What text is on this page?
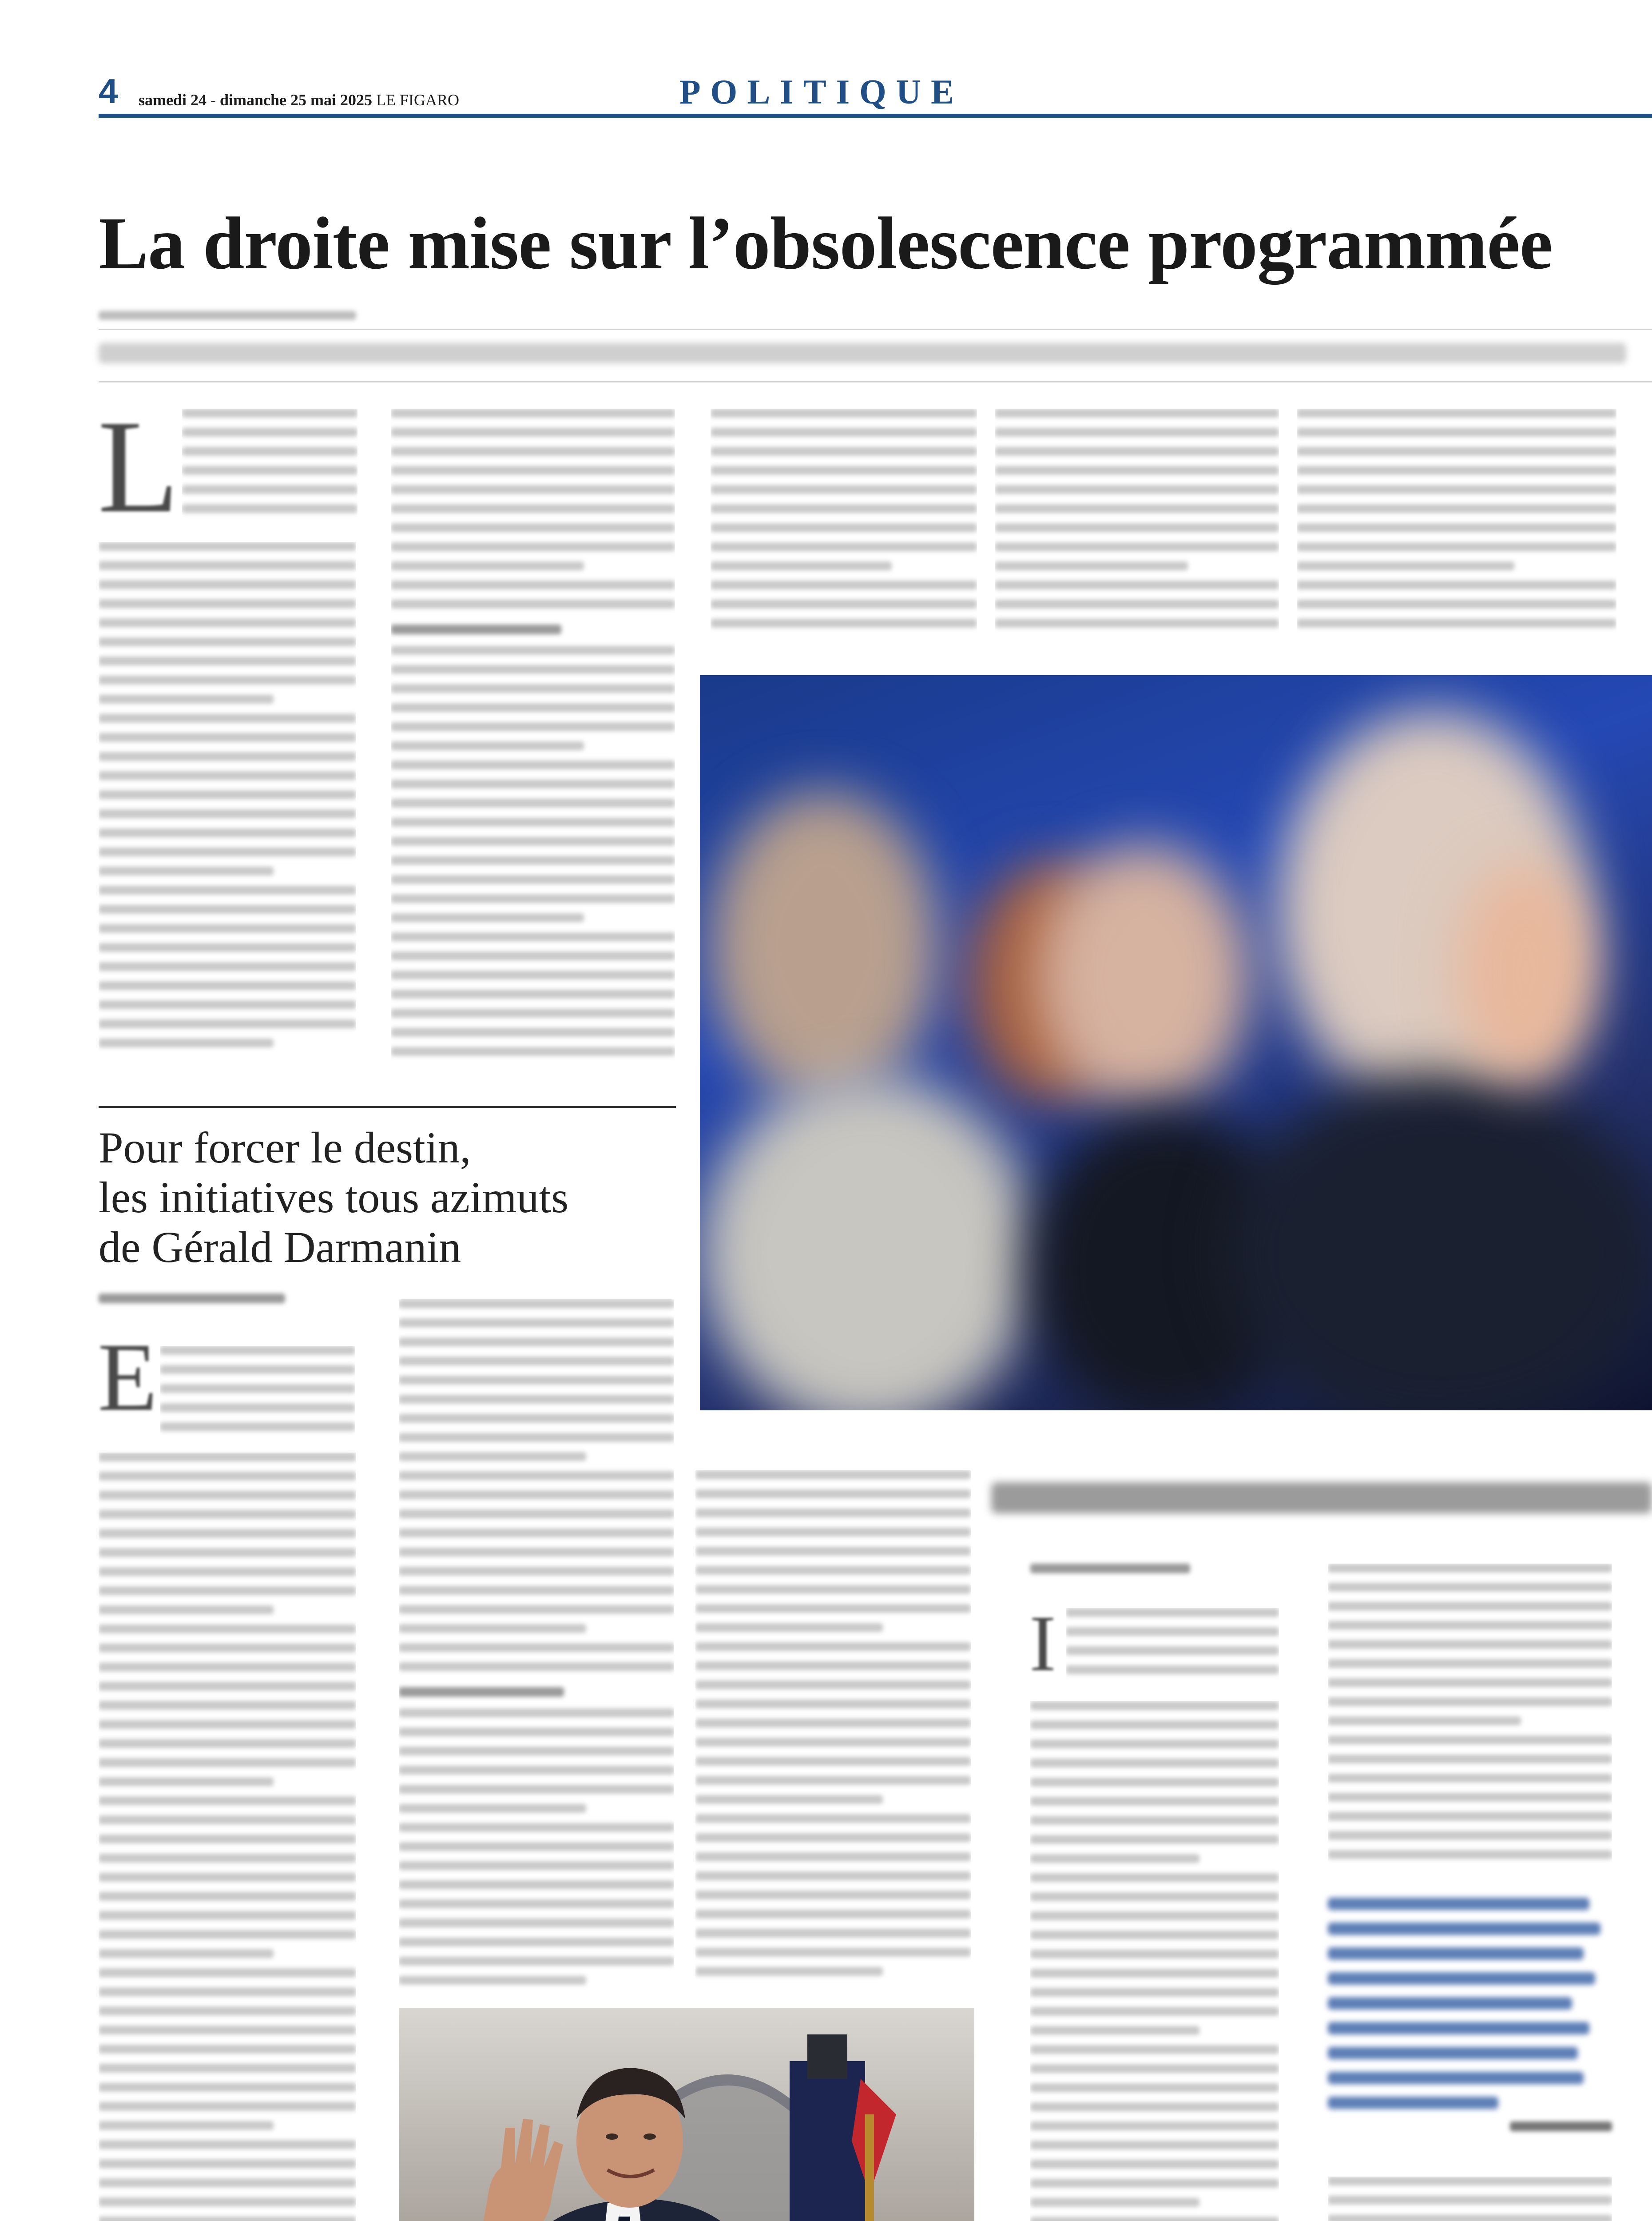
4 samedi 24 - dimanche 25 mai 2025 LE FIGARO	POLITIQUE
La droite mise sur l’obsolescence programmée
L
Pour forcer le destin,
les initiatives tous azimuts
de Gérald Darmanin
E
I
